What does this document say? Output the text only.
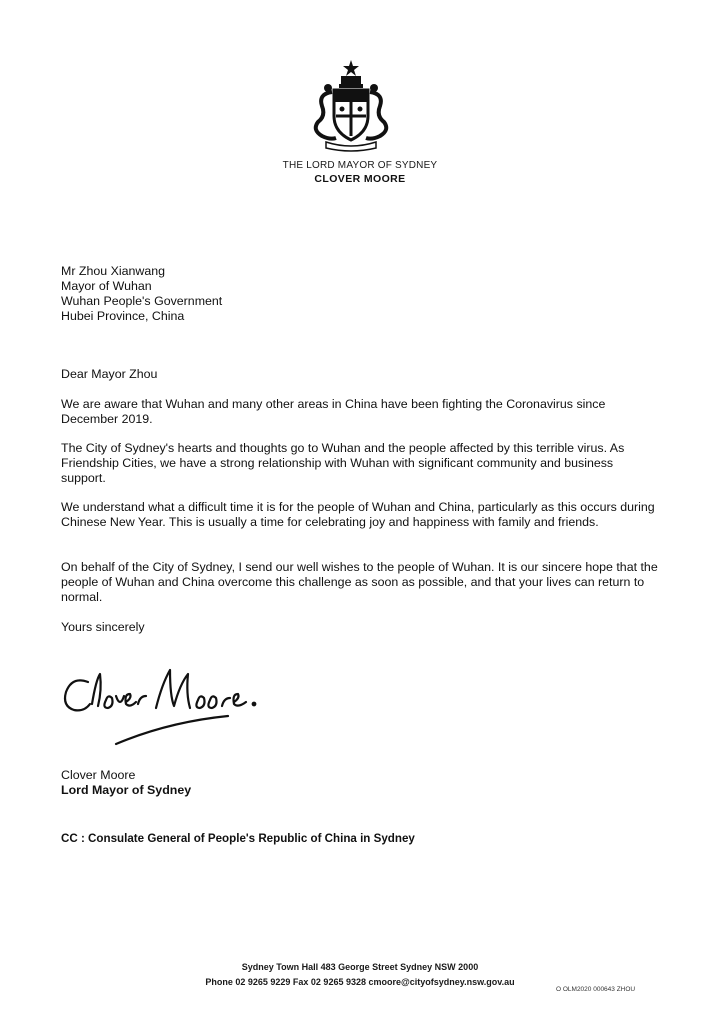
THE LORD MAYOR OF SYDNEY
CLOVER MOORE
Mr Zhou Xianwang
Mayor of Wuhan
Wuhan People's Government
Hubei Province, China
Dear Mayor Zhou
We are aware that Wuhan and many other areas in China have been fighting the Coronavirus since December 2019.
The City of Sydney's hearts and thoughts go to Wuhan and the people affected by this terrible virus. As Friendship Cities, we have a strong relationship with Wuhan with significant community and business support.
We understand what a difficult time it is for the people of Wuhan and China, particularly as this occurs during Chinese New Year. This is usually a time for celebrating joy and happiness with family and friends.
On behalf of the City of Sydney, I send our well wishes to the people of Wuhan. It is our sincere hope that the people of Wuhan and China overcome this challenge as soon as possible, and that your lives can return to normal.
Yours sincerely
Clover Moore
Lord Mayor of Sydney
CC : Consulate General of People's Republic of China in Sydney
Sydney Town Hall 483 George Street Sydney NSW 2000
Phone 02 9265 9229 Fax 02 9265 9328 cmoore@cityofsydney.nsw.gov.au
O OLM2020 000643 ZHOU
